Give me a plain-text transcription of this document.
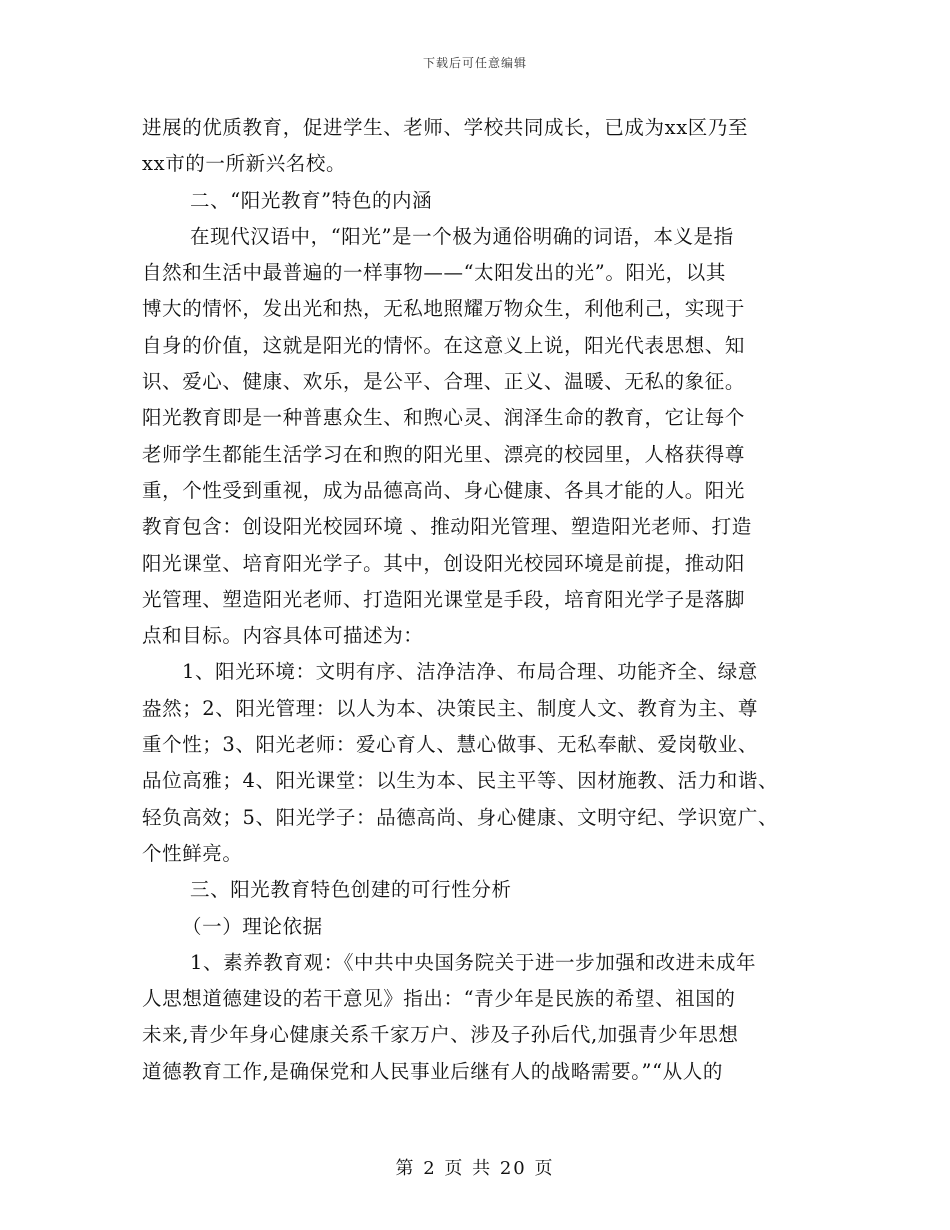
下载后可任意编辑
进展的优质教育，促进学生、老师、学校共同成长，已成为xx区乃至
xx市的一所新兴名校。
二、“阳光教育”特色的内涵
在现代汉语中，“阳光”是一个极为通俗明确的词语，本义是指
自然和生活中最普遍的一样事物——“太阳发出的光”。阳光，以其
博大的情怀，发出光和热，无私地照耀万物众生，利他利己，实现于
自身的价值，这就是阳光的情怀。在这意义上说，阳光代表思想、知
识、爱心、健康、欢乐，是公平、合理、正义、温暖、无私的象征。
阳光教育即是一种普惠众生、和煦心灵、润泽生命的教育，它让每个
老师学生都能生活学习在和煦的阳光里、漂亮的校园里，人格获得尊
重，个性受到重视，成为品德高尚、身心健康、各具才能的人。阳光
教育包含：创设阳光校园环境 、推动阳光管理、塑造阳光老师、打造
阳光课堂、培育阳光学子。其中，创设阳光校园环境是前提，推动阳
光管理、塑造阳光老师、打造阳光课堂是手段，培育阳光学子是落脚
点和目标。内容具体可描述为：
1、阳光环境：文明有序、洁净洁净、布局合理、功能齐全、绿意
盎然；2、阳光管理：以人为本、决策民主、制度人文、教育为主、尊
重个性；3、阳光老师：爱心育人、慧心做事、无私奉献、爱岗敬业、
品位高雅；4、阳光课堂：以生为本、民主平等、因材施教、活力和谐、
轻负高效；5、阳光学子：品德高尚、身心健康、文明守纪、学识宽广、
个性鲜亮。
三、阳光教育特色创建的可行性分析
（一）理论依据
1、素养教育观：《中共中央国务院关于进一步加强和改进未成年
人思想道德建设的若干意见》指出：“青少年是民族的希望、祖国的
未来,青少年身心健康关系千家万户、涉及子孙后代,加强青少年思想
道德教育工作,是确保党和人民事业后继有人的战略需要。”“从人的
第 2 页 共 20 页
